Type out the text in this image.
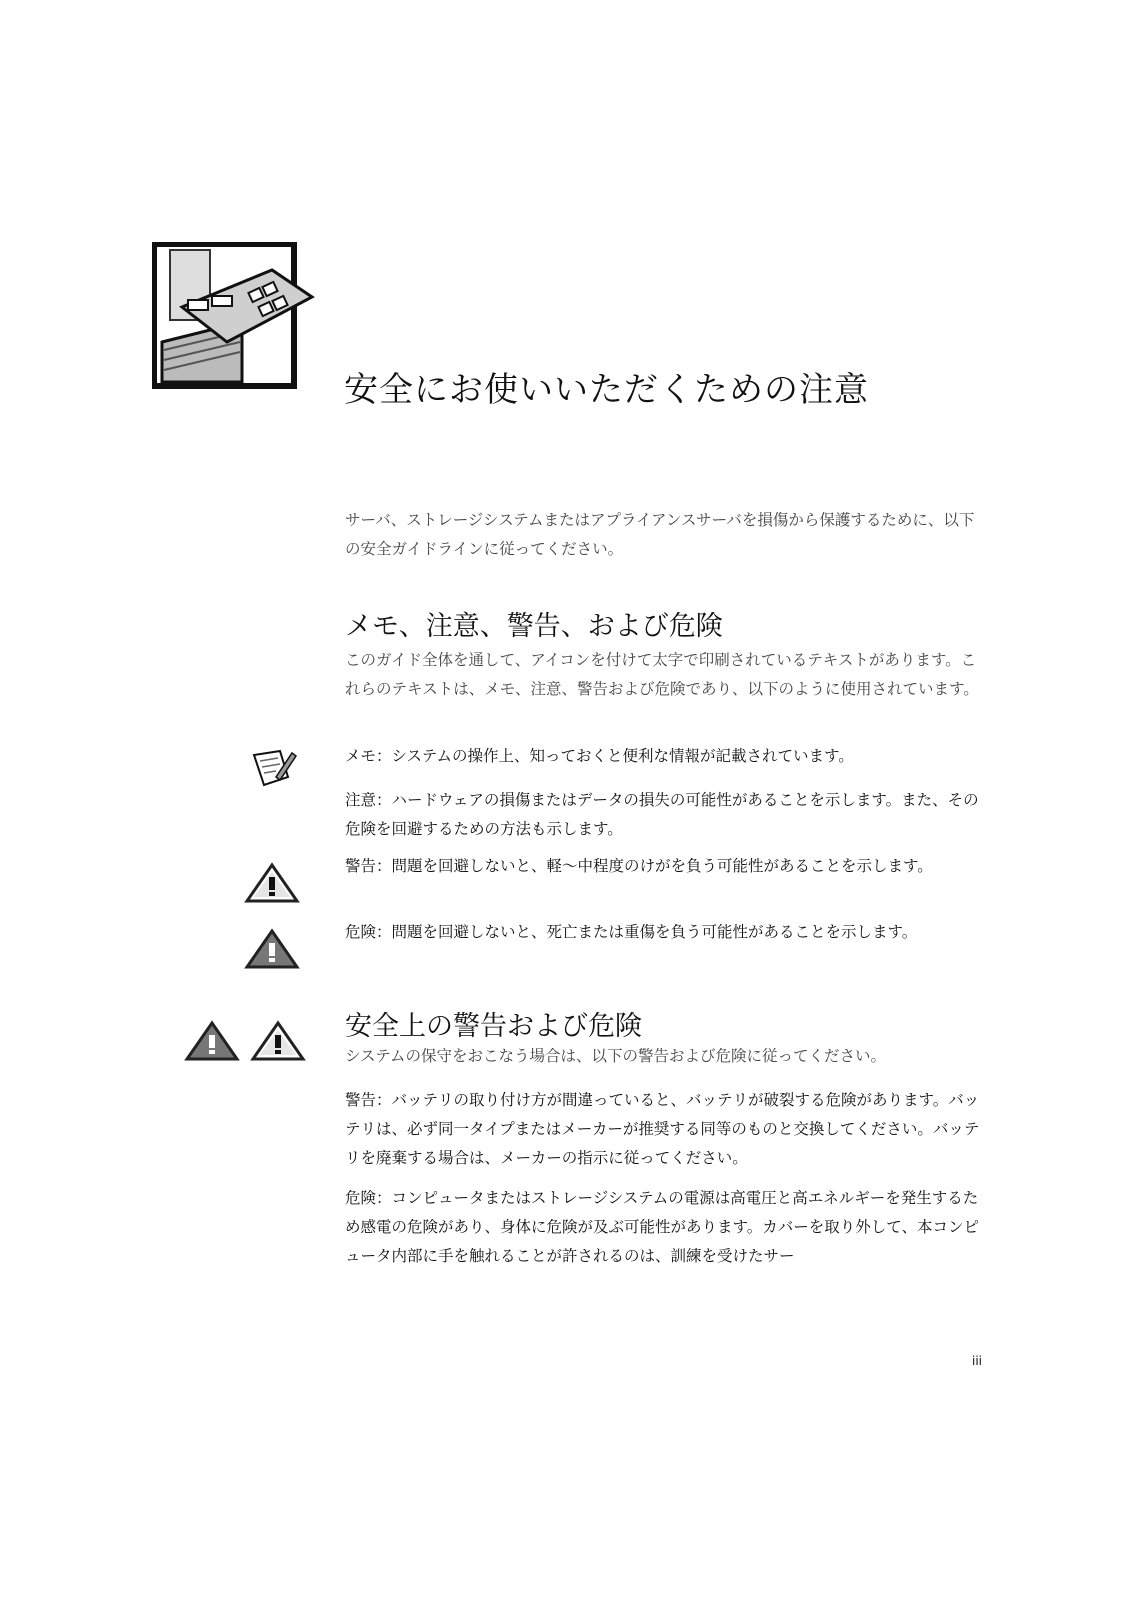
安全にお使いいただくための注意

サーバ、ストレージシステムまたはアプライアンスサーバを損傷から保護するために、以下の安全ガイドラインに従ってください。

メモ、注意、警告、および危険

このガイド全体を通して、アイコンを付けて太字で印刷されているテキストがあります。これらのテキストは、メモ、注意、警告および危険であり、以下のように使用されています。

メモ：システムの操作上、知っておくと便利な情報が記載されています。

注意：ハードウェアの損傷またはデータの損失の可能性があることを示します。また、その危険を回避するための方法も示します。

警告：問題を回避しないと、軽〜中程度のけがを負う可能性があることを示します。

危険：問題を回避しないと、死亡または重傷を負う可能性があることを示します。

安全上の警告および危険

システムの保守をおこなう場合は、以下の警告および危険に従ってください。

警告：バッテリの取り付け方が間違っていると、バッテリが破裂する危険があります。バッテリは、必ず同一タイプまたはメーカーが推奨する同等のものと交換してください。バッテリを廃棄する場合は、メーカーの指示に従ってください。

危険：コンピュータまたはストレージシステムの電源は高電圧と高エネルギーを発生するため感電の危険があり、身体に危険が及ぶ可能性があります。カバーを取り外して、本コンピュータ内部に手を触れることが許されるのは、訓練を受けたサー

iii
